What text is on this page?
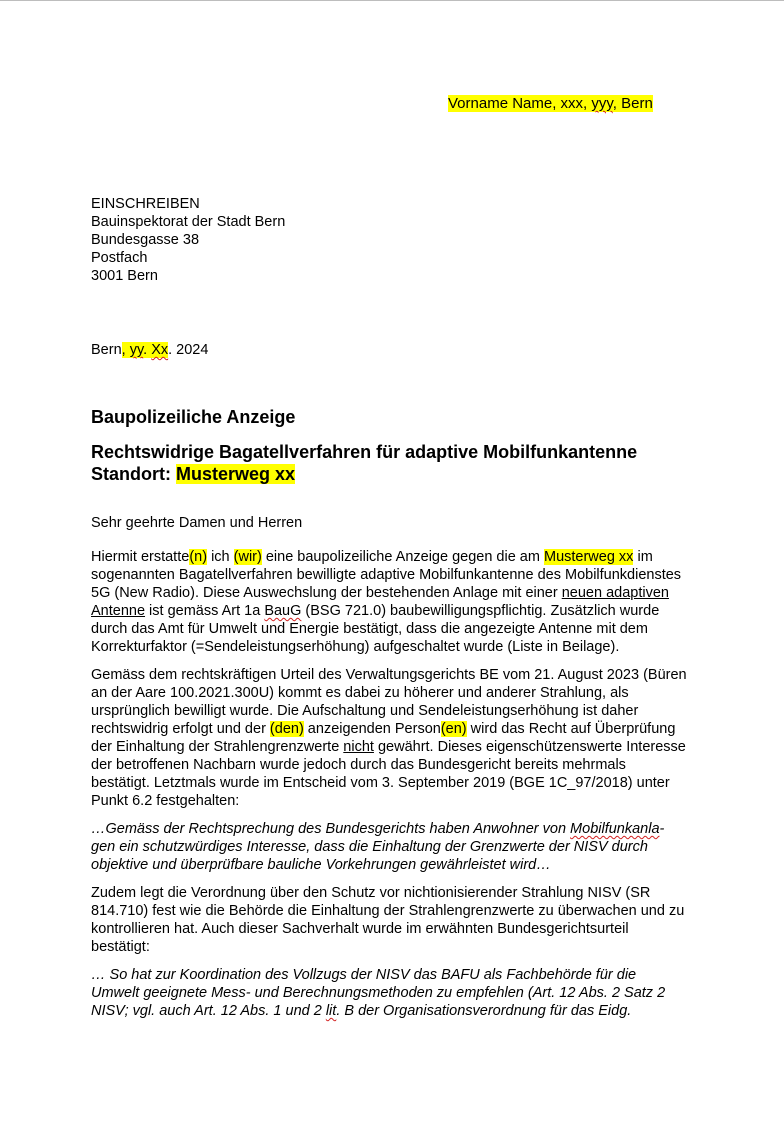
Vorname Name, xxx, yyy, Bern
EINSCHREIBEN
Bauinspektorat der Stadt Bern
Bundesgasse 38
Postfach
3001 Bern
Bern, yy. Xx. 2024
Baupolizeiliche Anzeige
Rechtswidrige Bagatellverfahren für adaptive Mobilfunkantenne
Standort: Musterweg xx

Sehr geehrte Damen und Herren

Hiermit erstatte(n) ich (wir) eine baupolizeiliche Anzeige gegen die am Musterweg xx im
sogenannten Bagatellverfahren bewilligte adaptive Mobilfunkantenne des Mobilfunkdienstes
5G (New Radio). Diese Auswechslung der bestehenden Anlage mit einer neuen adaptiven
Antenne ist gemäss Art 1a BauG (BSG 721.0) baubewilligungspflichtig. Zusätzlich wurde
durch das Amt für Umwelt und Energie bestätigt, dass die angezeigte Antenne mit dem
Korrekturfaktor (=Sendeleistungserhöhung) aufgeschaltet wurde (Liste in Beilage).

Gemäss dem rechtskräftigen Urteil des Verwaltungsgerichts BE vom 21. August 2023 (Büren
an der Aare 100.2021.300U) kommt es dabei zu höherer und anderer Strahlung, als
ursprünglich bewilligt wurde. Die Aufschaltung und Sendeleistungserhöhung ist daher
rechtswidrig erfolgt und der (den) anzeigenden Person(en) wird das Recht auf Überprüfung
der Einhaltung der Strahlengrenzwerte nicht gewährt. Dieses eigenschützenswerte Interesse
der betroffenen Nachbarn wurde jedoch durch das Bundesgericht bereits mehrmals
bestätigt. Letztmals wurde im Entscheid vom 3. September 2019 (BGE 1C_97/2018) unter
Punkt 6.2 festgehalten:

…Gemäss der Rechtsprechung des Bundesgerichts haben Anwohner von Mobilfunkanla-
gen ein schutzwürdiges Interesse, dass die Einhaltung der Grenzwerte der NISV durch
objektive und überprüfbare bauliche Vorkehrungen gewährleistet wird…

Zudem legt die Verordnung über den Schutz vor nichtionisierender Strahlung NISV (SR
814.710) fest wie die Behörde die Einhaltung der Strahlengrenzwerte zu überwachen und zu
kontrollieren hat. Auch dieser Sachverhalt wurde im erwähnten Bundesgerichtsurteil
bestätigt:

… So hat zur Koordination des Vollzugs der NISV das BAFU als Fachbehörde für die
Umwelt geeignete Mess- und Berechnungsmethoden zu empfehlen (Art. 12 Abs. 2 Satz 2
NISV; vgl. auch Art. 12 Abs. 1 und 2 lit. B der Organisationsverordnung für das Eidg.
